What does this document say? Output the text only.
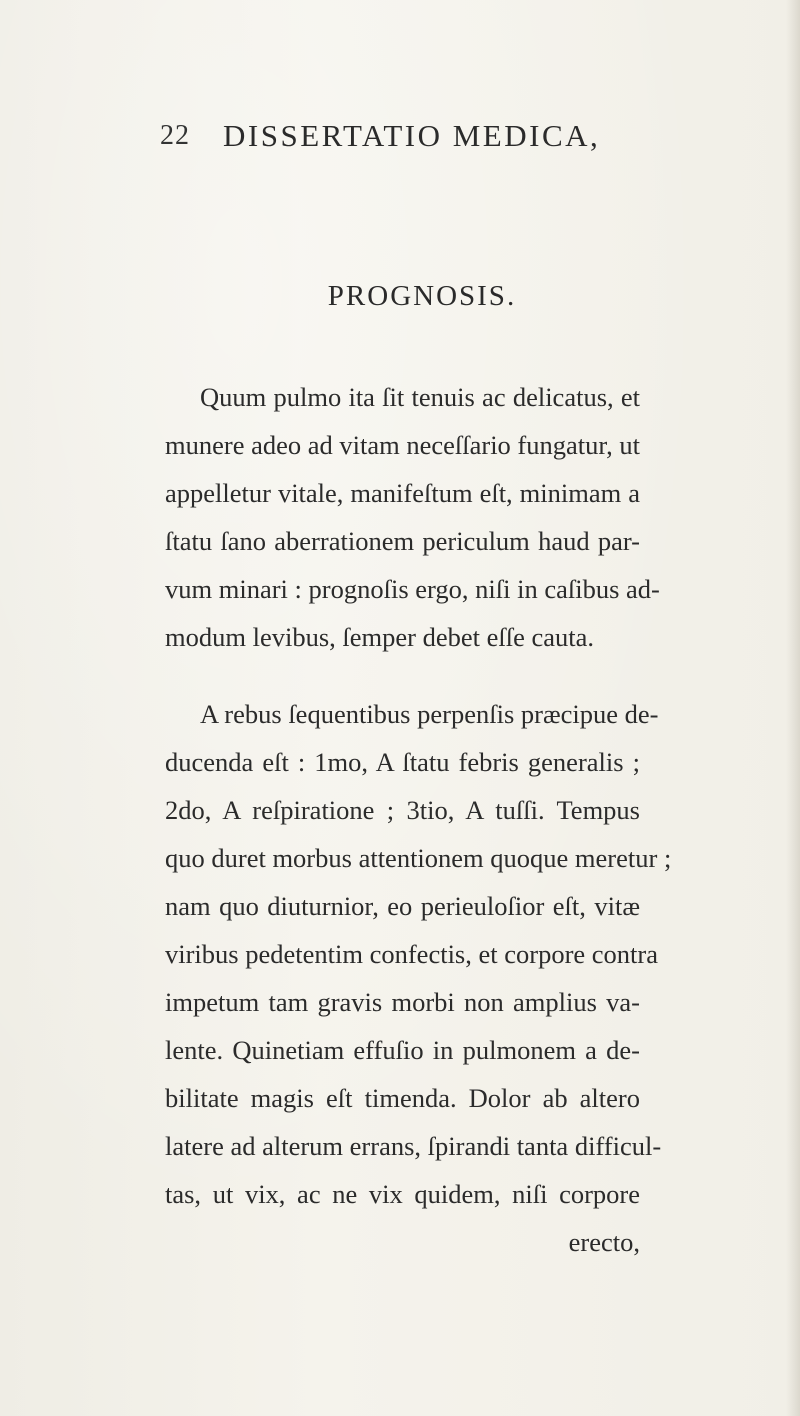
22 DISSERTATIO MEDICA,
PROGNOSIS.
Quum pulmo ita ſit tenuis ac delicatus, et
munere adeo ad vitam neceſſario fungatur, ut
appelletur vitale, manifeſtum eſt, minimam a
ſtatu ſano aberrationem periculum haud par-
vum minari : prognoſis ergo, niſi in caſibus ad-
modum levibus, ſemper debet eſſe cauta.
A rebus ſequentibus perpenſis præcipue de-
ducenda eſt : 1mo, A ſtatu febris generalis ;
2do, A reſpiratione ; 3tio, A tuſſi. Tempus
quo duret morbus attentionem quoque meretur ;
nam quo diuturnior, eo perieuloſior eſt, vitæ
viribus pedetentim confectis, et corpore contra
impetum tam gravis morbi non amplius va-
lente. Quinetiam effuſio in pulmonem a de-
bilitate magis eſt timenda. Dolor ab altero
latere ad alterum errans, ſpirandi tanta difficul-
tas, ut vix, ac ne vix quidem, niſi corpore
erecto,
